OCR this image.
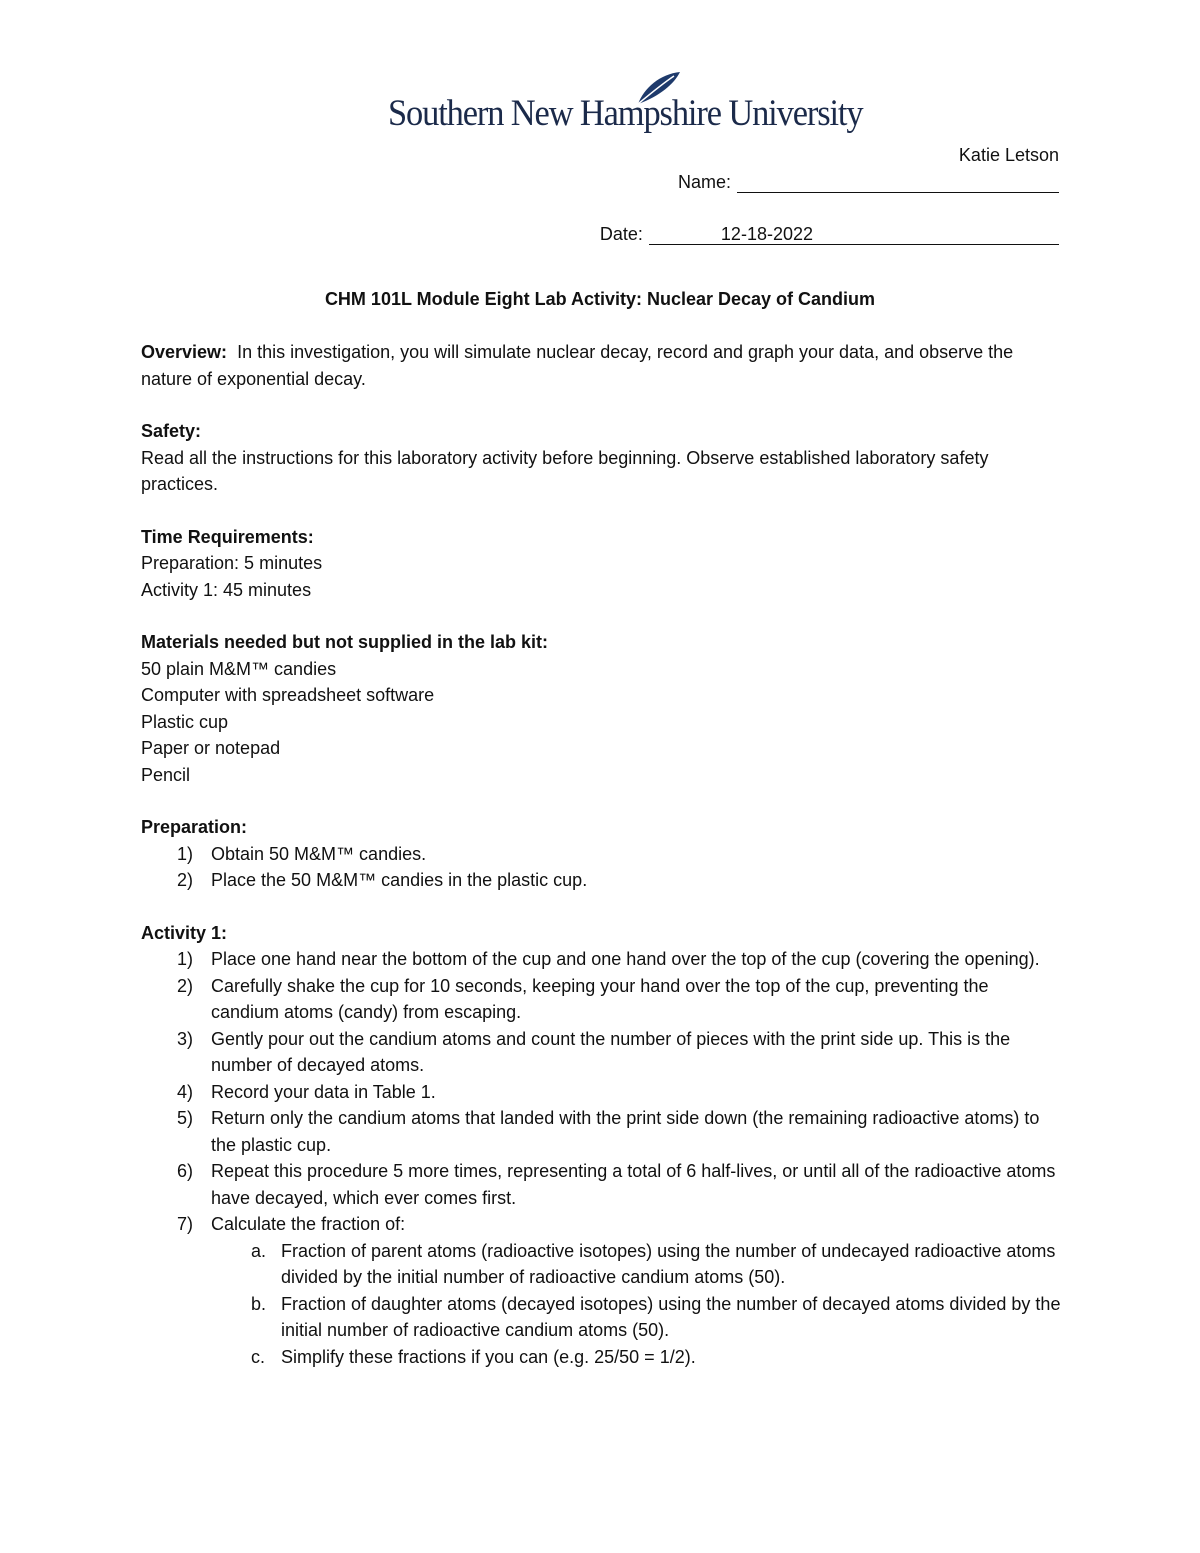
Southern New Hampshire University
Katie Letson
Name:
Date:	12-18-2022
CHM 101L Module Eight Lab Activity: Nuclear Decay of Candium

Overview: In this investigation, you will simulate nuclear decay, record and graph your data, and observe the nature of exponential decay.

Safety:
Read all the instructions for this laboratory activity before beginning. Observe established laboratory safety practices.
Time Requirements:
Preparation: 5 minutes
Activity 1: 45 minutes
Materials needed but not supplied in the lab kit:
50 plain M&M™ candies
Computer with spreadsheet software
Plastic cup
Paper or notepad
Pencil
Preparation:
1) Obtain 50 M&M™ candies.
2) Place the 50 M&M™ candies in the plastic cup.
Activity 1:
1) Place one hand near the bottom of the cup and one hand over the top of the cup (covering the opening).
2) Carefully shake the cup for 10 seconds, keeping your hand over the top of the cup, preventing the candium atoms (candy) from escaping.
3) Gently pour out the candium atoms and count the number of pieces with the print side up. This is the number of decayed atoms.
4) Record your data in Table 1.
5) Return only the candium atoms that landed with the print side down (the remaining radioactive atoms) to the plastic cup.
6) Repeat this procedure 5 more times, representing a total of 6 half-lives, or until all of the radioactive atoms have decayed, which ever comes first.
7) Calculate the fraction of:
a. Fraction of parent atoms (radioactive isotopes) using the number of undecayed radioactive atoms divided by the initial number of radioactive candium atoms (50).
b. Fraction of daughter atoms (decayed isotopes) using the number of decayed atoms divided by the initial number of radioactive candium atoms (50).
c. Simplify these fractions if you can (e.g. 25/50 = 1/2).
